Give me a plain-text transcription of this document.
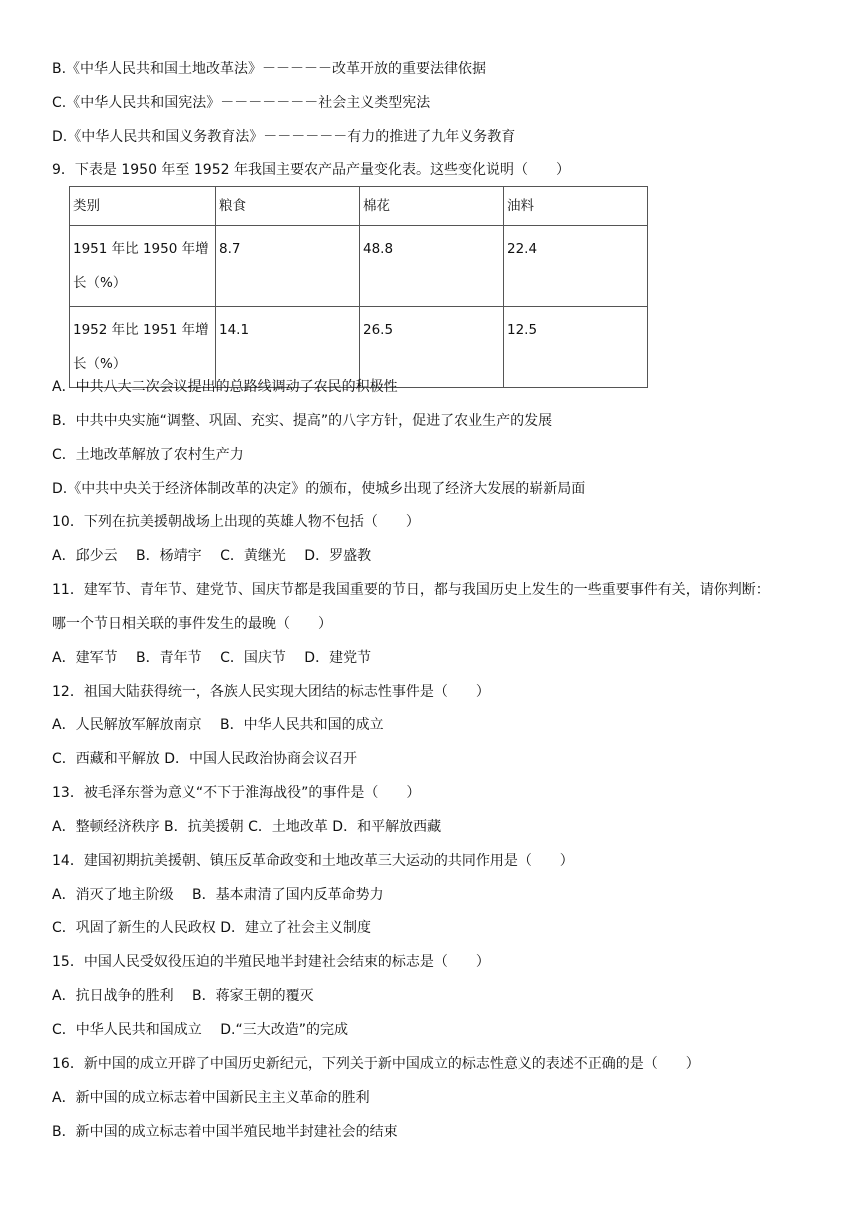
B.《中华人民共和国土地改革法》－－－－－改革开放的重要法律依据
C.《中华人民共和国宪法》－－－－－－－社会主义类型宪法
D.《中华人民共和国义务教育法》－－－－－－有力的推进了九年义务教育
9．下表是 1950 年至 1952 年我国主要农产品产量变化表。这些变化说明（　　）
类别	粮食	棉花	油料

1951 年比 1950 年增
长（%）	8.7	48.8	22.4

1952 年比 1951 年增
长（%）	14.1	26.5	12.5
A．中共八大二次会议提出的总路线调动了农民的积极性
B．中共中央实施“调整、巩固、充实、提高”的八字方针，促进了农业生产的发展
C．土地改革解放了农村生产力
D.《中共中央关于经济体制改革的决定》的颁布，使城乡出现了经济大发展的崭新局面
10．下列在抗美援朝战场上出现的英雄人物不包括（　　）
A．邱少云　 B．杨靖宇　 C．黄继光　 D．罗盛教
11．建军节、青年节、建党节、国庆节都是我国重要的节日，都与我国历史上发生的一些重要事件有关，请你判断：
哪一个节日相关联的事件发生的最晚（　　）
A．建军节　 B．青年节　 C．国庆节　 D．建党节
12．祖国大陆获得统一，各族人民实现大团结的标志性事件是（　　）
A．人民解放军解放南京　 B．中华人民共和国的成立
C．西藏和平解放 D．中国人民政治协商会议召开
13．被毛泽东誉为意义“不下于淮海战役”的事件是（　　）
A．整顿经济秩序 B．抗美援朝 C．土地改革 D．和平解放西藏
14．建国初期抗美援朝、镇压反革命政变和土地改革三大运动的共同作用是（　　）
A．消灭了地主阶级　 B．基本肃清了国内反革命势力
C．巩固了新生的人民政权 D．建立了社会主义制度
15．中国人民受奴役压迫的半殖民地半封建社会结束的标志是（　　）
A．抗日战争的胜利　 B．蒋家王朝的覆灭
C．中华人民共和国成立　 D.“三大改造”的完成
16．新中国的成立开辟了中国历史新纪元，下列关于新中国成立的标志性意义的表述不正确的是（　　）
A．新中国的成立标志着中国新民主主义革命的胜利
B．新中国的成立标志着中国半殖民地半封建社会的结束
